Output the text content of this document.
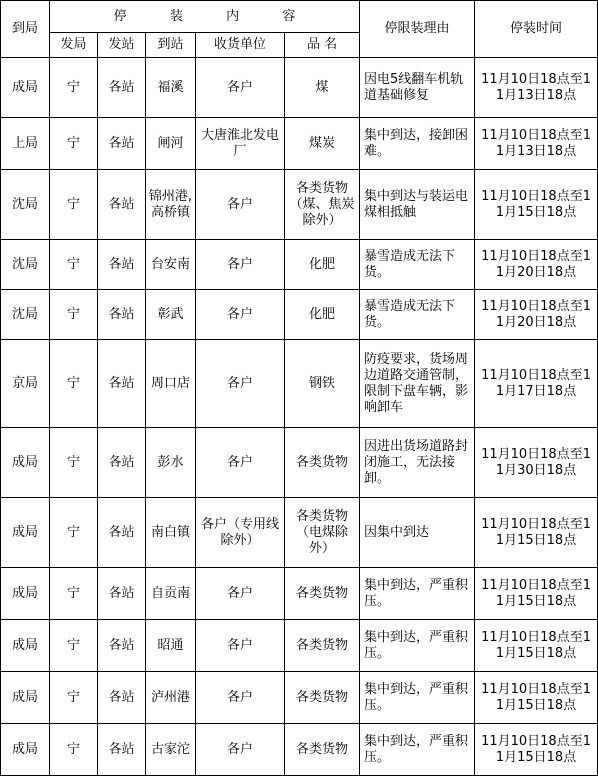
到局	停 装 内 容					停限装理由	停装时间
	发局	发站	到站	收货单位	品 名		
成局	宁	各站	福溪	各户	煤	因电5线翻车机轨道基础修复	11月10日18点至11月13日18点
上局	宁	各站	闸河	大唐淮北发电厂	煤炭	集中到达，接卸困难。	11月10日18点至11月13日18点
沈局	宁	各站	锦州港,高桥镇	各户	各类货物（煤、焦炭除外）	集中到达与装运电煤相抵触	11月10日18点至11月15日18点
沈局	宁	各站	台安南	各户	化肥	暴雪造成无法下货。	11月10日18点至11月20日18点
沈局	宁	各站	彰武	各户	化肥	暴雪造成无法下货。	11月10日18点至11月20日18点
京局	宁	各站	周口店	各户	钢铁	防疫要求，货场周边道路交通管制，限制下盘车辆，影响卸车	11月10日18点至11月17日18点
成局	宁	各站	彭水	各户	各类货物	因进出货场道路封闭施工，无法接卸。	11月10日18点至11月30日18点
成局	宁	各站	南白镇	各户（专用线除外）	各类货物（电煤除外）	因集中到达	11月10日18点至11月15日18点
成局	宁	各站	自贡南	各户	各类货物	集中到达，严重积压。	11月10日18点至11月15日18点
成局	宁	各站	昭通	各户	各类货物	集中到达，严重积压。	11月10日18点至11月15日18点
成局	宁	各站	泸州港	各户	各类货物	集中到达，严重积压。	11月10日18点至11月15日18点
成局	宁	各站	古家沱	各户	各类货物	集中到达，严重积压。	11月10日18点至11月15日18点
